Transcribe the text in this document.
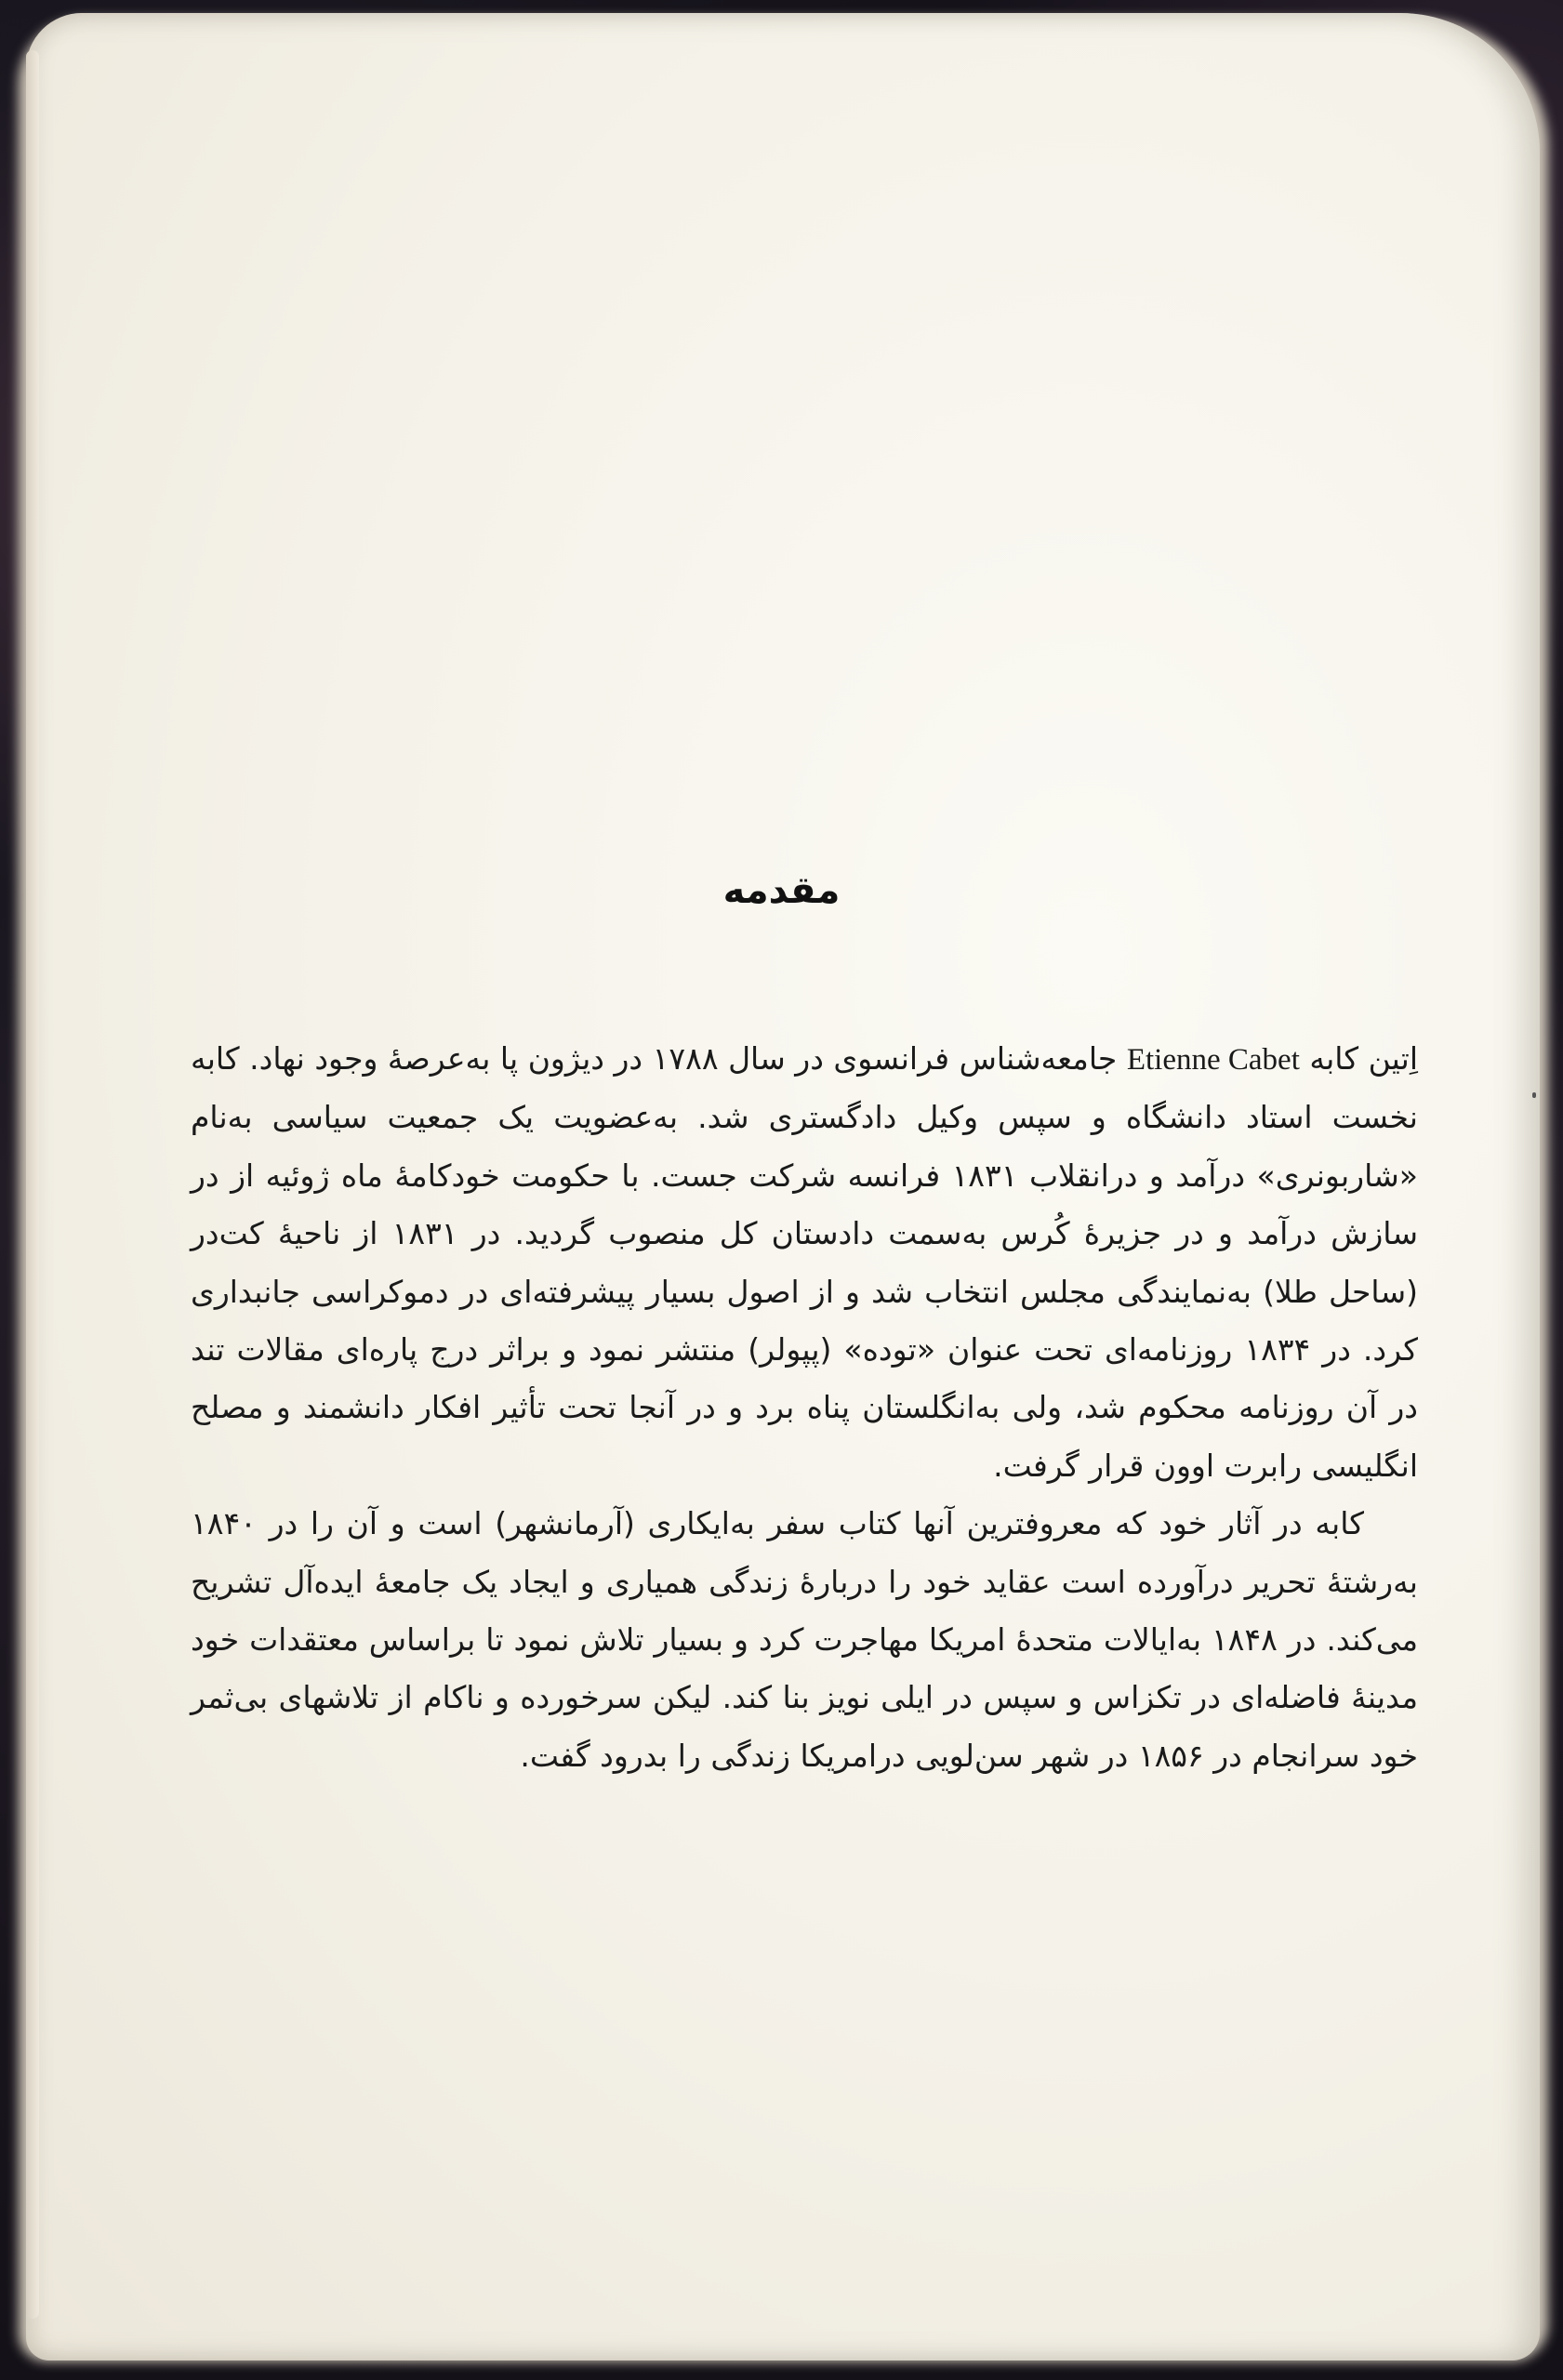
مقدمه

اِتین کابه Etienne Cabet جامعه‌شناس فرانسوی در سال ۱۷۸۸ در دیژون پا به‌عرصهٔ وجود نهاد. کابه نخست استاد دانشگاه و سپس وکیل دادگستری شد. به‌عضویت یک جمعیت سیاسی به‌نام «شاربونری» درآمد و درانقلاب ۱۸۳۱ فرانسه شرکت جست. با حکومت خودکامهٔ ماه ژوئیه از در سازش درآمد و در جزیرهٔ کُرس به‌سمت دادستان کل منصوب گردید. در ۱۸۳۱ از ناحیهٔ کت‌در (ساحل طلا) به‌نمایندگی مجلس انتخاب شد و از اصول بسیار پیشرفته‌ای در دموکراسی جانبداری کرد. در ۱۸۳۴ روزنامه‌ای تحت عنوان «توده» (پپولر) منتشر نمود و براثر درج پاره‌ای مقالات تند در آن روزنامه محکوم شد، ولی به‌انگلستان پناه برد و در آنجا تحت تأثیر افکار دانشمند و مصلح انگلیسی رابرت اوون قرار گرفت.

کابه در آثار خود که معروفترین آنها کتاب سفر به‌ایکاری (آرمانشهر) است و آن را در ۱۸۴۰ به‌رشتهٔ تحریر درآورده است عقاید خود را دربارهٔ زندگی همیاری و ایجاد یک جامعهٔ ایده‌آل تشریح می‌کند. در ۱۸۴۸ به‌ایالات متحدهٔ امریکا مهاجرت کرد و بسیار تلاش نمود تا براساس معتقدات خود مدینهٔ فاضله‌ای در تکزاس و سپس در ایلی نویز بنا کند. لیکن سرخورده و ناکام از تلاشهای بی‌ثمر خود سرانجام در ۱۸۵۶ در شهر سن‌لویی درامریکا زندگی را بدرود گفت.
